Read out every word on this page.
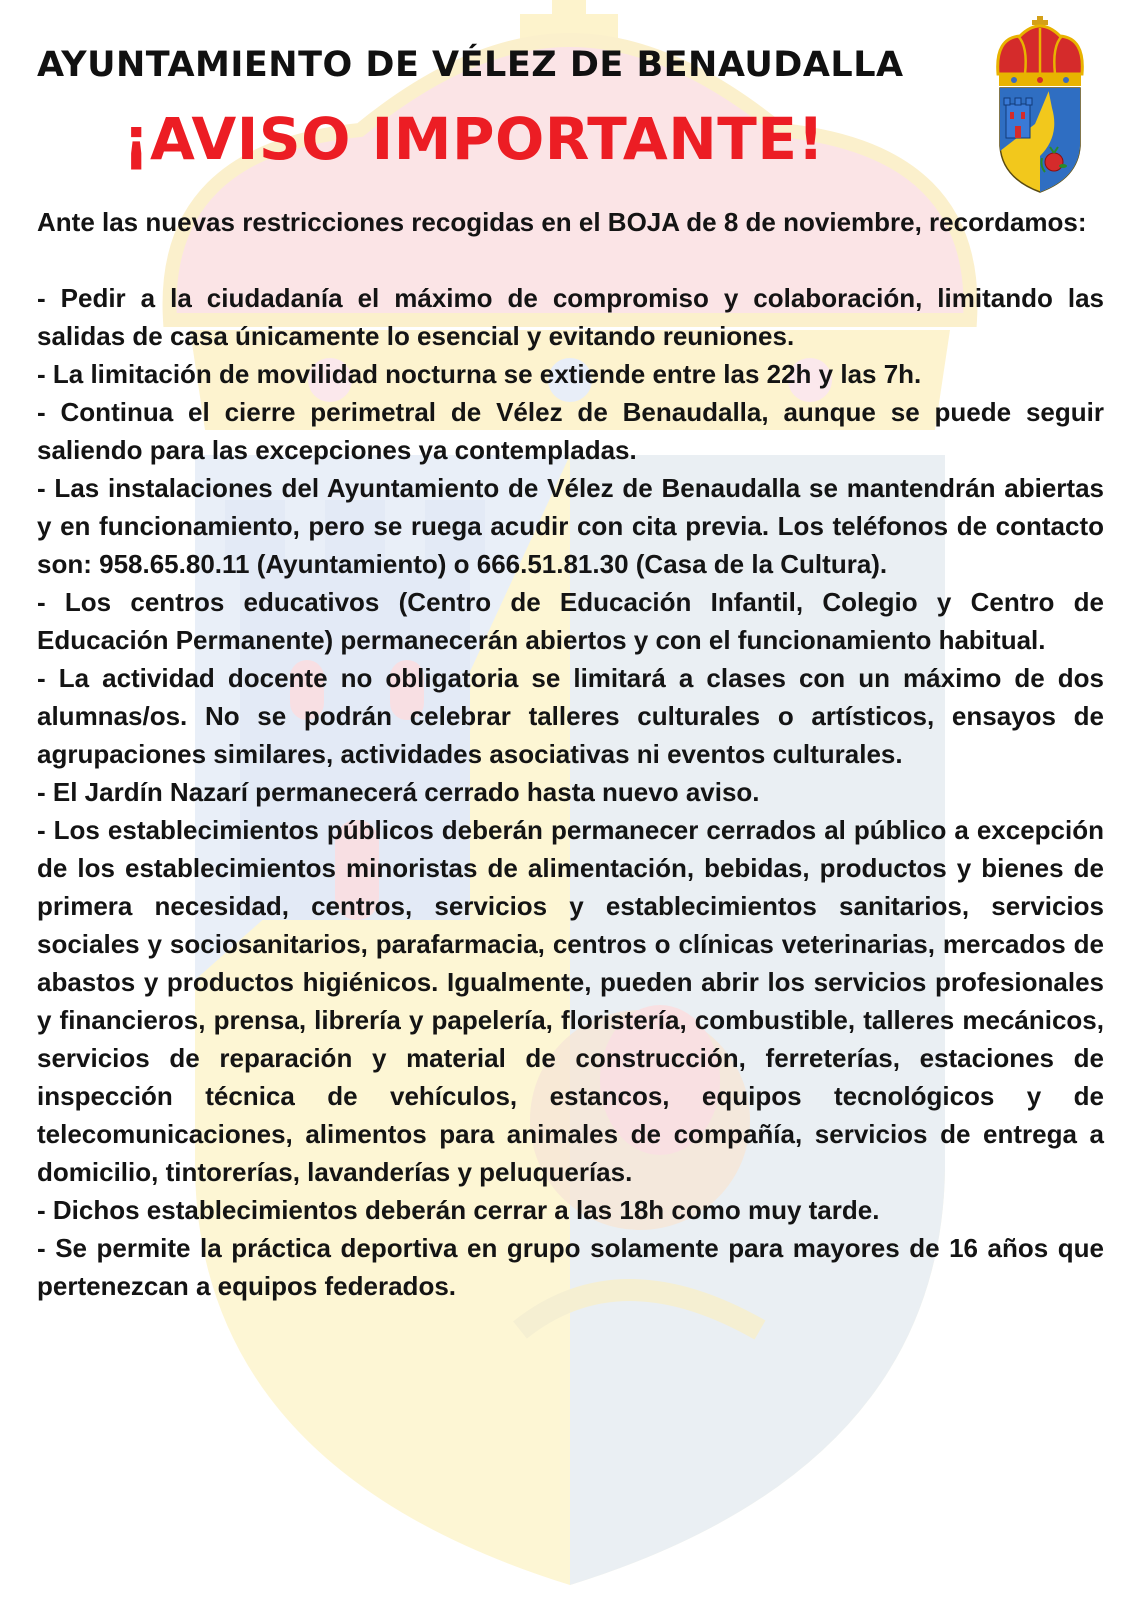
AYUNTAMIENTO DE VÉLEZ DE BENAUDALLA
¡AVISO IMPORTANTE!

Ante las nuevas restricciones recogidas en el BOJA de 8 de noviembre, recordamos:

- Pedir a la ciudadanía el máximo de compromiso y colaboración, limitando las salidas de casa únicamente lo esencial y evitando reuniones.

- La limitación de movilidad nocturna se extiende entre las 22h y las 7h.

- Continua el cierre perimetral de Vélez de Benaudalla, aunque se puede seguir saliendo para las excepciones ya contempladas.

- Las instalaciones del Ayuntamiento de Vélez de Benaudalla se mantendrán abiertas y en funcionamiento, pero se ruega acudir con cita previa. Los teléfonos de contacto son: 958.65.80.11 (Ayuntamiento) o 666.51.81.30 (Casa de la Cultura).

- Los centros educativos (Centro de Educación Infantil, Colegio y Centro de Educación Permanente) permanecerán abiertos y con el funcionamiento habitual.

- La actividad docente no obligatoria se limitará a clases con un máximo de dos alumnas/os. No se podrán celebrar talleres culturales o artísticos, ensayos de agrupaciones similares, actividades asociativas ni eventos culturales.

- El Jardín Nazarí permanecerá cerrado hasta nuevo aviso.

- Los establecimientos públicos deberán permanecer cerrados al público a excepción de los establecimientos minoristas de alimentación, bebidas, productos y bienes de primera necesidad, centros, servicios y establecimientos sanitarios, servicios sociales y sociosanitarios, parafarmacia, centros o clínicas veterinarias, mercados de abastos y productos higiénicos. Igualmente, pueden abrir los servicios profesionales y financieros, prensa, librería y papelería, floristería, combustible, talleres mecánicos, servicios de reparación y material de construcción, ferreterías, estaciones de inspección técnica de vehículos, estancos, equipos tecnológicos y de telecomunicaciones, alimentos para animales de compañía, servicios de entrega a domicilio, tintorerías, lavanderías y peluquerías.

- Dichos establecimientos deberán cerrar a las 18h como muy tarde.

- Se permite la práctica deportiva en grupo solamente para mayores de 16 años que pertenezcan a equipos federados.
